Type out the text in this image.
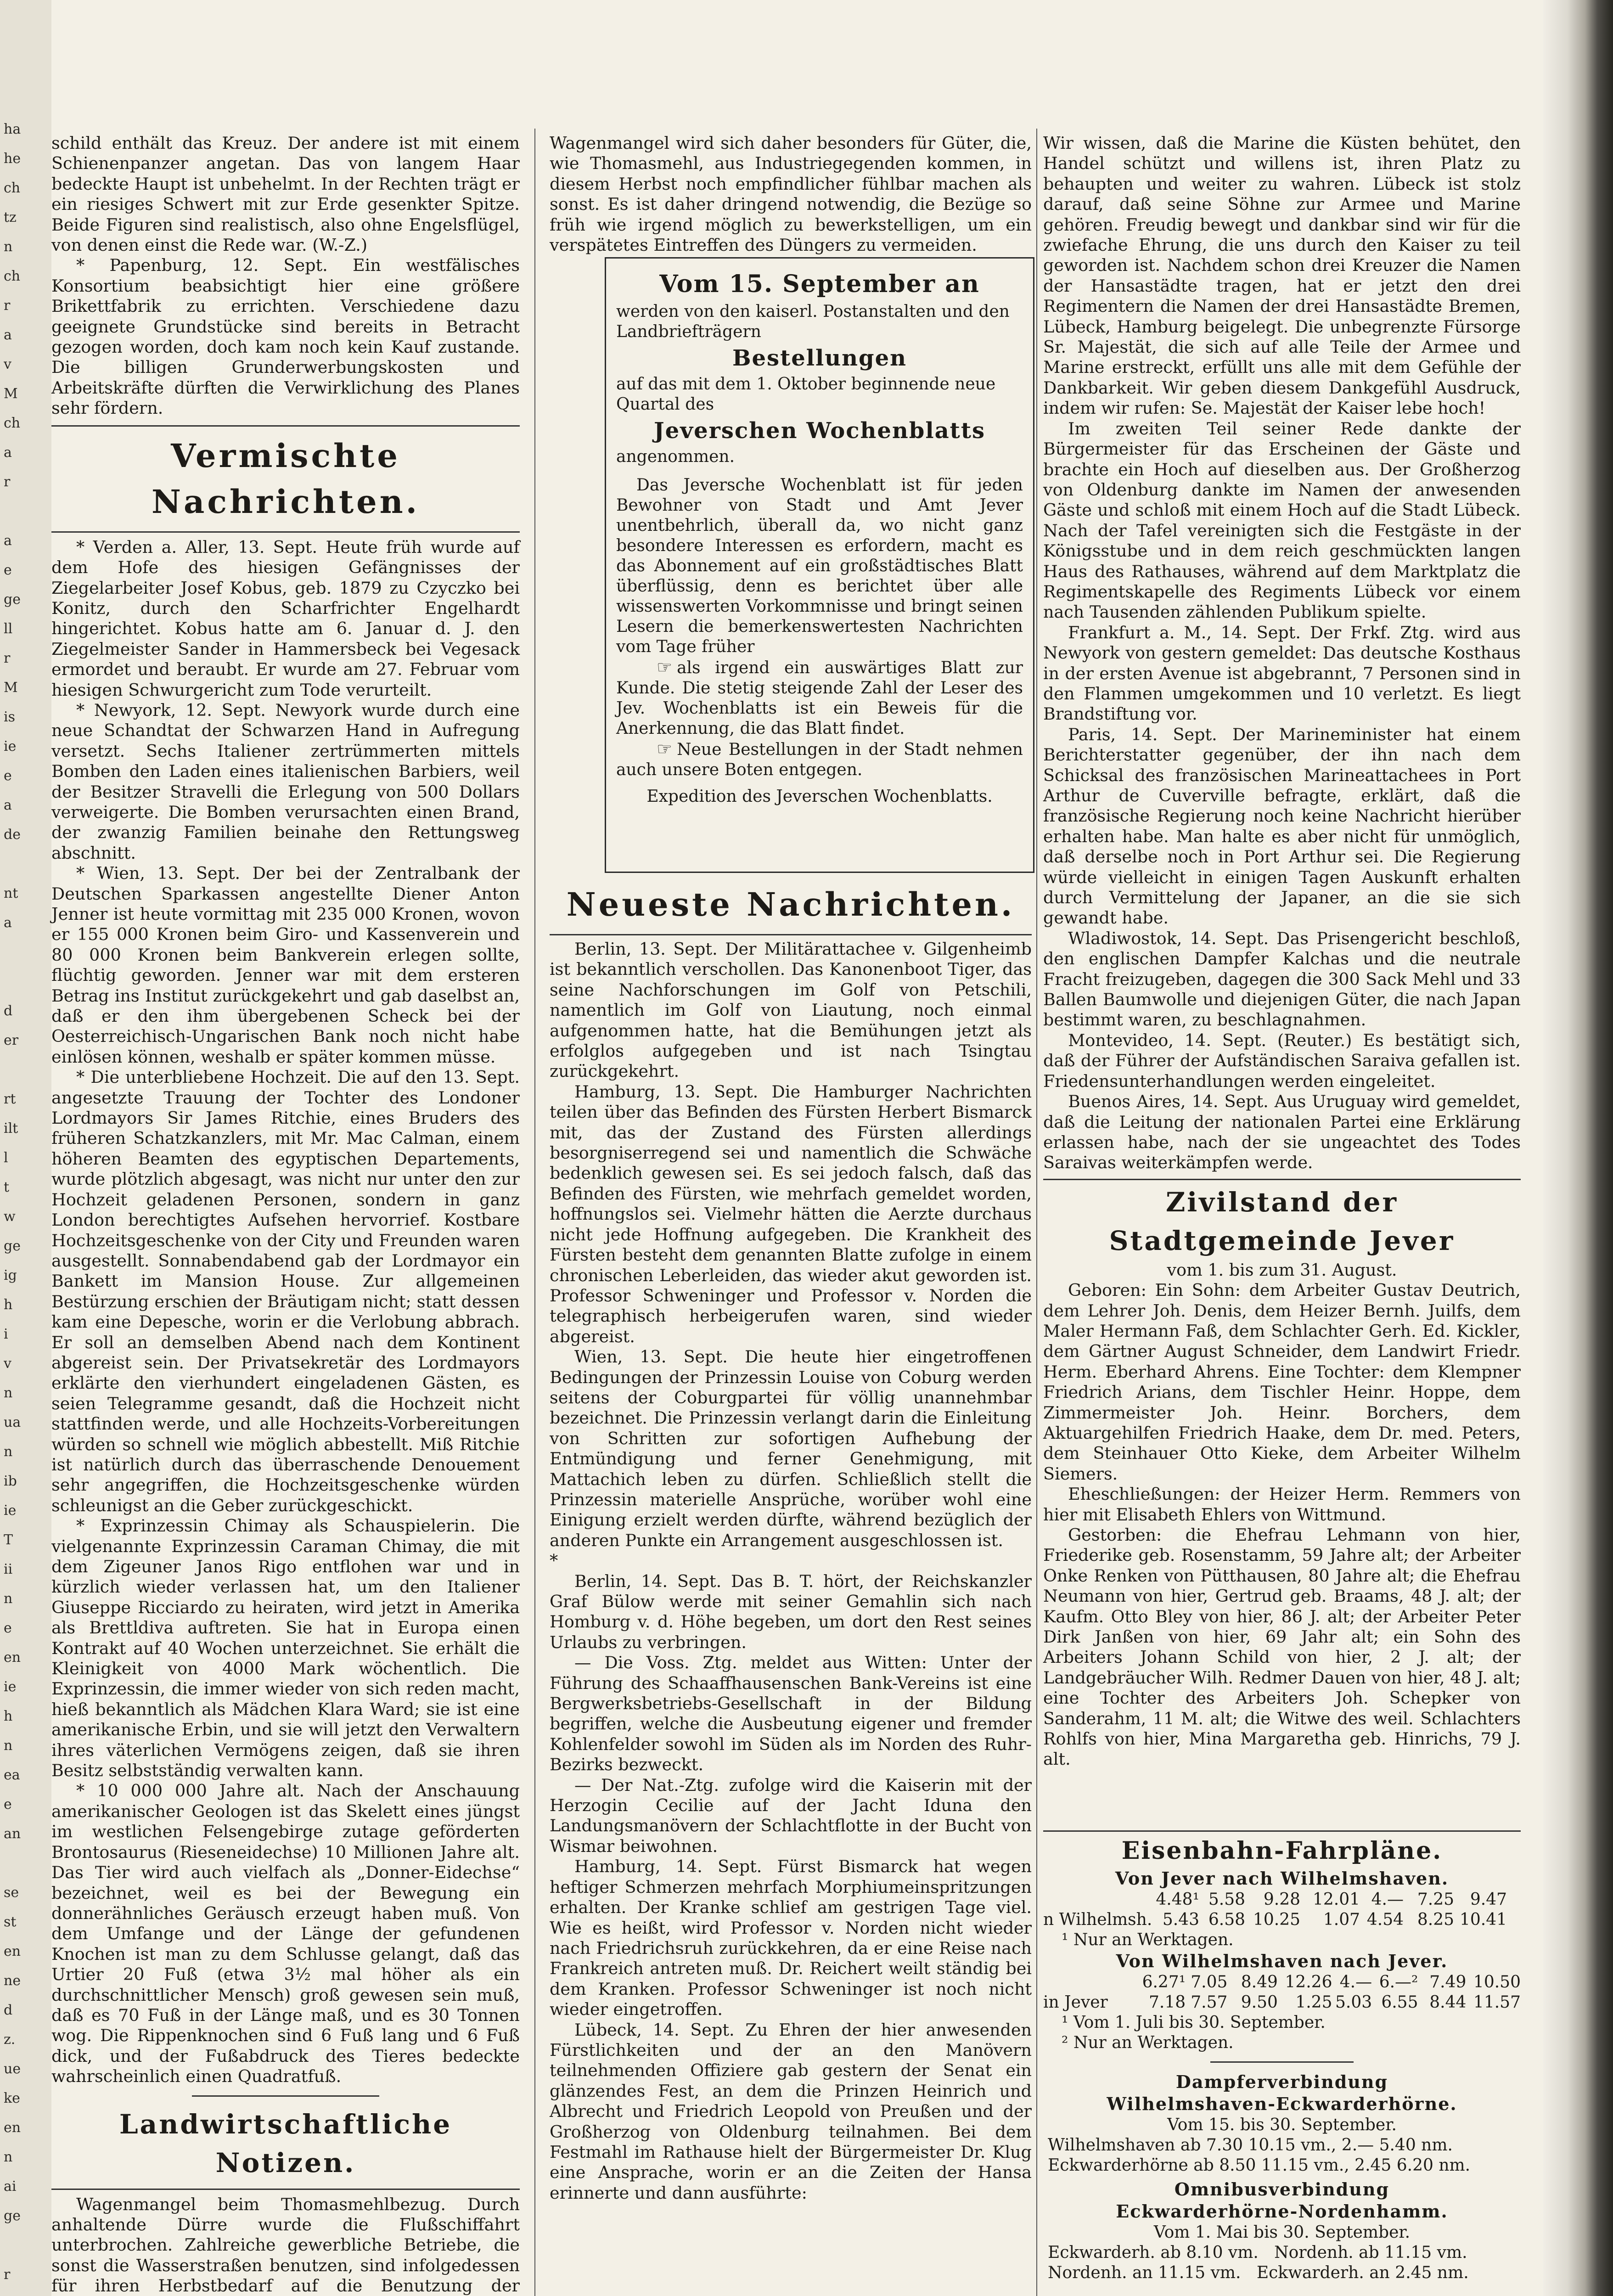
ha
he
ch
tz
n
ch
r
a
v
M
ch
a
r
a
e
ge
ll
r
M
is
ie
e
a
de
nt
a
d
er
rt
ilt
l
t
w
ge
ig
h
i
v
n
ua
n
ib
ie
T
ii
n
e
en
ie
h
n
ea
e
an
se
st
en
ne
d
z.
ue
ke
en
n
ai
ge
r

schild enthält das Kreuz. Der andere ist mit einem Schienenpanzer angetan. Das von langem Haar bedeckte Haupt ist unbehelmt. In der Rechten trägt er ein riesiges Schwert mit zur Erde gesenkter Spitze. Beide Figuren sind realistisch, also ohne Engelsflügel, von denen einst die Rede war. (W.-Z.)

* Papenburg, 12. Sept. Ein westfälisches Konsortium beabsichtigt hier eine größere Brikettfabrik zu errichten. Verschiedene dazu geeignete Grundstücke sind bereits in Betracht gezogen worden, doch kam noch kein Kauf zustande. Die billigen Grunderwerbungskosten und Arbeitskräfte dürften die Verwirklichung des Planes sehr fördern.

Vermischte Nachrichten.

* Verden a. Aller, 13. Sept. Heute früh wurde auf dem Hofe des hiesigen Gefängnisses der Ziegelarbeiter Josef Kobus, geb. 1879 zu Czyczko bei Konitz, durch den Scharfrichter Engelhardt hingerichtet. Kobus hatte am 6. Januar d. J. den Ziegelmeister Sander in Hammersbeck bei Vegesack ermordet und beraubt. Er wurde am 27. Februar vom hiesigen Schwurgericht zum Tode verurteilt.

* Newyork, 12. Sept. Newyork wurde durch eine neue Schandtat der Schwarzen Hand in Aufregung versetzt. Sechs Italiener zertrümmerten mittels Bomben den Laden eines italienischen Barbiers, weil der Besitzer Stravelli die Erlegung von 500 Dollars verweigerte. Die Bomben verursachten einen Brand, der zwanzig Familien beinahe den Rettungsweg abschnitt.

* Wien, 13. Sept. Der bei der Zentralbank der Deutschen Sparkassen angestellte Diener Anton Jenner ist heute vormittag mit 235 000 Kronen, wovon er 155 000 Kronen beim Giro- und Kassenverein und 80 000 Kronen beim Bankverein erlegen sollte, flüchtig geworden. Jenner war mit dem ersteren Betrag ins Institut zurückgekehrt und gab daselbst an, daß er den ihm übergebenen Scheck bei der Oesterreichisch-Ungarischen Bank noch nicht habe einlösen können, weshalb er später kommen müsse.

* Die unterbliebene Hochzeit. Die auf den 13. Sept. angesetzte Trauung der Tochter des Londoner Lordmayors Sir James Ritchie, eines Bruders des früheren Schatzkanzlers, mit Mr. Mac Calman, einem höheren Beamten des egyptischen Departements, wurde plötzlich abgesagt, was nicht nur unter den zur Hochzeit geladenen Personen, sondern in ganz London berechtigtes Aufsehen hervorrief. Kostbare Hochzeitsgeschenke von der City und Freunden waren ausgestellt. Sonnabendabend gab der Lordmayor ein Bankett im Mansion House. Zur allgemeinen Bestürzung erschien der Bräutigam nicht; statt dessen kam eine Depesche, worin er die Verlobung abbrach. Er soll an demselben Abend nach dem Kontinent abgereist sein. Der Privatsekretär des Lordmayors erklärte den vierhundert eingeladenen Gästen, es seien Telegramme gesandt, daß die Hochzeit nicht stattfinden werde, und alle Hochzeits-Vorbereitungen würden so schnell wie möglich abbestellt. Miß Ritchie ist natürlich durch das überraschende Denouement sehr angegriffen, die Hochzeitsgeschenke würden schleunigst an die Geber zurückgeschickt.

* Exprinzessin Chimay als Schauspielerin. Die vielgenannte Exprinzessin Caraman Chimay, die mit dem Zigeuner Janos Rigo entflohen war und in kürzlich wieder verlassen hat, um den Italiener Giuseppe Ricciardo zu heiraten, wird jetzt in Amerika als Brettldiva auftreten. Sie hat in Europa einen Kontrakt auf 40 Wochen unterzeichnet. Sie erhält die Kleinigkeit von 4000 Mark wöchentlich. Die Exprinzessin, die immer wieder von sich reden macht, hieß bekanntlich als Mädchen Klara Ward; sie ist eine amerikanische Erbin, und sie will jetzt den Verwaltern ihres väterlichen Vermögens zeigen, daß sie ihren Besitz selbstständig verwalten kann.

* 10 000 000 Jahre alt. Nach der Anschauung amerikanischer Geologen ist das Skelett eines jüngst im westlichen Felsengebirge zutage geförderten Brontosaurus (Rieseneidechse) 10 Millionen Jahre alt. Das Tier wird auch vielfach als „Donner-Eidechse“ bezeichnet, weil es bei der Bewegung ein donnerähnliches Geräusch erzeugt haben muß. Von dem Umfange und der Länge der gefundenen Knochen ist man zu dem Schlusse gelangt, daß das Urtier 20 Fuß (etwa 3½ mal höher als ein durchschnittlicher Mensch) groß gewesen sein muß, daß es 70 Fuß in der Länge maß, und es 30 Tonnen wog. Die Rippenknochen sind 6 Fuß lang und 6 Fuß dick, und der Fußabdruck des Tieres bedeckte wahrscheinlich einen Quadratfuß.

Landwirtschaftliche Notizen.

Wagenmangel beim Thomasmehlbezug. Durch anhaltende Dürre wurde die Flußschiffahrt unterbrochen. Zahlreiche gewerbliche Betriebe, die sonst die Wasserstraßen benutzen, sind infolgedessen für ihren Herbstbedarf auf die Benutzung der

Wagenmangel wird sich daher besonders für Güter, die, wie Thomasmehl, aus Industriegegenden kommen, in diesem Herbst noch empfindlicher fühlbar machen als sonst. Es ist daher dringend notwendig, die Bezüge so früh wie irgend möglich zu bewerkstelligen, um ein verspätetes Eintreffen des Düngers zu vermeiden.

Vom 15. September an
werden von den kaiserl. Postanstalten und den Landbriefträgern
Bestellungen
auf das mit dem 1. Oktober beginnende neue Quartal des
Jeverschen Wochenblatts
angenommen.

Das Jeversche Wochenblatt ist für jeden Bewohner von Stadt und Amt Jever unentbehrlich, überall da, wo nicht ganz besondere Interessen es erfordern, macht es das Abonnement auf ein großstädtisches Blatt überflüssig, denn es berichtet über alle wissenswerten Vorkommnisse und bringt seinen Lesern die bemerkenswertesten Nachrichten vom Tage früher

☞ als irgend ein auswärtiges Blatt zur Kunde. Die stetig steigende Zahl der Leser des Jev. Wochenblatts ist ein Beweis für die Anerkennung, die das Blatt findet.

☞ Neue Bestellungen in der Stadt nehmen auch unsere Boten entgegen.

Expedition des Jeverschen Wochenblatts.
Neueste Nachrichten.

Berlin, 13. Sept. Der Militärattachee v. Gilgenheimb ist bekanntlich verschollen. Das Kanonenboot Tiger, das seine Nachforschungen im Golf von Petschili, namentlich im Golf von Liautung, noch einmal aufgenommen hatte, hat die Bemühungen jetzt als erfolglos aufgegeben und ist nach Tsingtau zurückgekehrt.

Hamburg, 13. Sept. Die Hamburger Nachrichten teilen über das Befinden des Fürsten Herbert Bismarck mit, das der Zustand des Fürsten allerdings besorgniserregend sei und namentlich die Schwäche bedenklich gewesen sei. Es sei jedoch falsch, daß das Befinden des Fürsten, wie mehrfach gemeldet worden, hoffnungslos sei. Vielmehr hätten die Aerzte durchaus nicht jede Hoffnung aufgegeben. Die Krankheit des Fürsten besteht dem genannten Blatte zufolge in einem chronischen Leberleiden, das wieder akut geworden ist. Professor Schweninger und Professor v. Norden die telegraphisch herbeigerufen waren, sind wieder abgereist.

Wien, 13. Sept. Die heute hier eingetroffenen Bedingungen der Prinzessin Louise von Coburg werden seitens der Coburgpartei für völlig unannehmbar bezeichnet. Die Prinzessin verlangt darin die Einleitung von Schritten zur sofortigen Aufhebung der Entmündigung und ferner Genehmigung, mit Mattachich leben zu dürfen. Schließlich stellt die Prinzessin materielle Ansprüche, worüber wohl eine Einigung erzielt werden dürfte, während bezüglich der anderen Punkte ein Arrangement ausgeschlossen ist.

*

Berlin, 14. Sept. Das B. T. hört, der Reichskanzler Graf Bülow werde mit seiner Gemahlin sich nach Homburg v. d. Höhe begeben, um dort den Rest seines Urlaubs zu verbringen.

— Die Voss. Ztg. meldet aus Witten: Unter der Führung des Schaaffhausenschen Bank-Vereins ist eine Bergwerksbetriebs-Gesellschaft in der Bildung begriffen, welche die Ausbeutung eigener und fremder Kohlenfelder sowohl im Süden als im Norden des Ruhr-Bezirks bezweckt.

— Der Nat.-Ztg. zufolge wird die Kaiserin mit der Herzogin Cecilie auf der Jacht Iduna den Landungsmanövern der Schlachtflotte in der Bucht von Wismar beiwohnen.

Hamburg, 14. Sept. Fürst Bismarck hat wegen heftiger Schmerzen mehrfach Morphiumeinspritzungen erhalten. Der Kranke schlief am gestrigen Tage viel. Wie es heißt, wird Professor v. Norden nicht wieder nach Friedrichsruh zurückkehren, da er eine Reise nach Frankreich antreten muß. Dr. Reichert weilt ständig bei dem Kranken. Professor Schweninger ist noch nicht wieder eingetroffen.

Lübeck, 14. Sept. Zu Ehren der hier anwesenden Fürstlichkeiten und der an den Manövern teilnehmenden Offiziere gab gestern der Senat ein glänzendes Fest, an dem die Prinzen Heinrich und Albrecht und Friedrich Leopold von Preußen und der Großherzog von Oldenburg teilnahmen. Bei dem Festmahl im Rathause hielt der Bürgermeister Dr. Klug eine Ansprache, worin er an die Zeiten der Hansa erinnerte und dann ausführte:

Wir wissen, daß die Marine die Küsten behütet, den Handel schützt und willens ist, ihren Platz zu behaupten und weiter zu wahren. Lübeck ist stolz darauf, daß seine Söhne zur Armee und Marine gehören. Freudig bewegt und dankbar sind wir für die zwiefache Ehrung, die uns durch den Kaiser zu teil geworden ist. Nachdem schon drei Kreuzer die Namen der Hansastädte tragen, hat er jetzt den drei Regimentern die Namen der drei Hansastädte Bremen, Lübeck, Hamburg beigelegt. Die unbegrenzte Fürsorge Sr. Majestät, die sich auf alle Teile der Armee und Marine erstreckt, erfüllt uns alle mit dem Gefühle der Dankbarkeit. Wir geben diesem Dankgefühl Ausdruck, indem wir rufen: Se. Majestät der Kaiser lebe hoch!

Im zweiten Teil seiner Rede dankte der Bürgermeister für das Erscheinen der Gäste und brachte ein Hoch auf dieselben aus. Der Großherzog von Oldenburg dankte im Namen der anwesenden Gäste und schloß mit einem Hoch auf die Stadt Lübeck. Nach der Tafel vereinigten sich die Festgäste in der Königsstube und in dem reich geschmückten langen Haus des Rathauses, während auf dem Marktplatz die Regimentskapelle des Regiments Lübeck vor einem nach Tausenden zählenden Publikum spielte.

Frankfurt a. M., 14. Sept. Der Frkf. Ztg. wird aus Newyork von gestern gemeldet: Das deutsche Kosthaus in der ersten Avenue ist abgebrannt, 7 Personen sind in den Flammen umgekommen und 10 verletzt. Es liegt Brandstiftung vor.

Paris, 14. Sept. Der Marineminister hat einem Berichterstatter gegenüber, der ihn nach dem Schicksal des französischen Marineattachees in Port Arthur de Cuverville befragte, erklärt, daß die französische Regierung noch keine Nachricht hierüber erhalten habe. Man halte es aber nicht für unmöglich, daß derselbe noch in Port Arthur sei. Die Regierung würde vielleicht in einigen Tagen Auskunft erhalten durch Vermittelung der Japaner, an die sie sich gewandt habe.

Wladiwostok, 14. Sept. Das Prisengericht beschloß, den englischen Dampfer Kalchas und die neutrale Fracht freizugeben, dagegen die 300 Sack Mehl und 33 Ballen Baumwolle und diejenigen Güter, die nach Japan bestimmt waren, zu beschlagnahmen.

Montevideo, 14. Sept. (Reuter.) Es bestätigt sich, daß der Führer der Aufständischen Saraiva gefallen ist. Friedensunterhandlungen werden eingeleitet.

Buenos Aires, 14. Sept. Aus Uruguay wird gemeldet, daß die Leitung der nationalen Partei eine Erklärung erlassen habe, nach der sie ungeachtet des Todes Saraivas weiterkämpfen werde.

Zivilstand der Stadtgemeinde Jever
vom 1. bis zum 31. August.

Geboren: Ein Sohn: dem Arbeiter Gustav Deutrich, dem Lehrer Joh. Denis, dem Heizer Bernh. Juilfs, dem Maler Hermann Faß, dem Schlachter Gerh. Ed. Kickler, dem Gärtner August Schneider, dem Landwirt Friedr. Herm. Eberhard Ahrens. Eine Tochter: dem Klempner Friedrich Arians, dem Tischler Heinr. Hoppe, dem Zimmermeister Joh. Heinr. Borchers, dem Aktuargehilfen Friedrich Haake, dem Dr. med. Peters, dem Steinhauer Otto Kieke, dem Arbeiter Wilhelm Siemers.

Eheschließungen: der Heizer Herm. Remmers von hier mit Elisabeth Ehlers von Wittmund.

Gestorben: die Ehefrau Lehmann von hier, Friederike geb. Rosenstamm, 59 Jahre alt; der Arbeiter Onke Renken von Pütthausen, 80 Jahre alt; die Ehefrau Neumann von hier, Gertrud geb. Braams, 48 J. alt; der Kaufm. Otto Bley von hier, 86 J. alt; der Arbeiter Peter Dirk Janßen von hier, 69 Jahr alt; ein Sohn des Arbeiters Johann Schild von hier, 2 J. alt; der Landgebräucher Wilh. Redmer Dauen von hier, 48 J. alt; eine Tochter des Arbeiters Joh. Schepker von Sanderahm, 11 M. alt; die Witwe des weil. Schlachters Rohlfs von hier, Mina Margaretha geb. Hinrichs, 79 J. alt.

Eisenbahn-Fahrpläne.
Von Jever nach Wilhelmshaven.
4.48¹ 5.58	9.28 12.01 4.— 7.25 9.47
n Wilhelmsh. 5.43 6.58 10.25	1.07 4.54 8.25 10.41
¹ Nur an Werktagen.
Von Wilhelmshaven nach Jever.
6.27¹ 7.05 8.49 12.26 4.— 6.—² 7.49 10.50
in Jever	7.18 7.57 9.50	1.25 5.03 6.55 8.44 11.57
¹ Vom 1. Juli bis 30. September.
² Nur an Werktagen.
Dampferverbindung
Wilhelmshaven-Eckwarderhörne.
Vom 15. bis 30. September.
Wilhelmshaven ab 7.30 10.15 vm., 2.— 5.40 nm.
Eckwarderhörne ab 8.50 11.15 vm., 2.45 6.20 nm.
Omnibusverbindung
Eckwarderhörne-Nordenhamm.
Vom 1. Mai bis 30. September.
Eckwarderh. ab 8.10 vm.   Nordenh. ab 11.15 vm.
Nordenh. an 11.15 vm.   Eckwarderh. an 2.45 nm.
